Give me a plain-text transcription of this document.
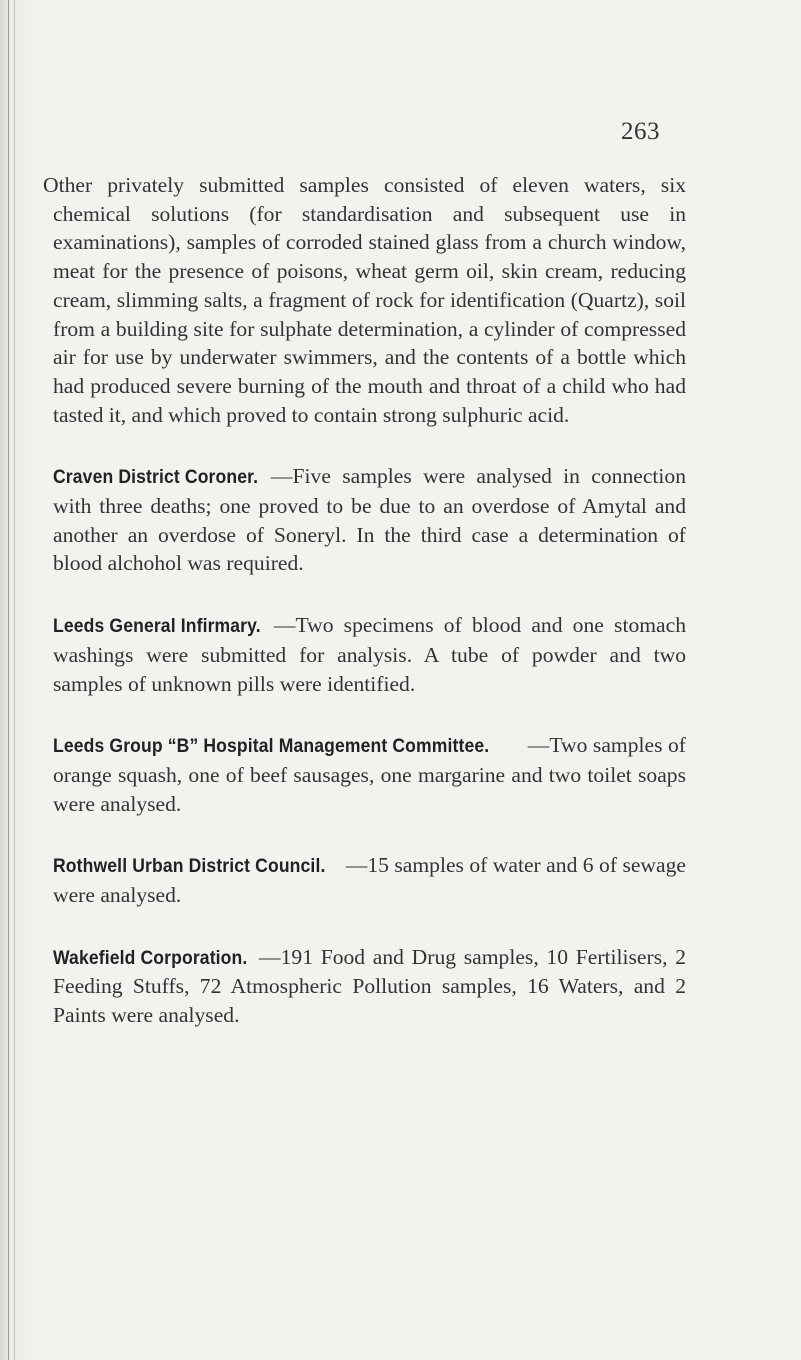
263

Other privately submitted samples consisted of eleven waters, six chemical solutions (for standardisation and subsequent use in examinations), samples of corroded stained glass from a church window, meat for the presence of poisons, wheat germ oil, skin cream, reducing cream, slimming salts, a fragment of rock for identification (Quartz), soil from a building site for sulphate determination, a cylinder of compressed air for use by underwater swimmers, and the contents of a bottle which had produced severe burning of the mouth and throat of a child who had tasted it, and which proved to contain strong sulphuric acid.

Craven District Coroner. —Five samples were analysed in connection with three deaths; one proved to be due to an overdose of Amytal and another an overdose of Soneryl. In the third case a determination of blood alchohol was required.

Leeds General Infirmary. —Two specimens of blood and one stomach washings were submitted for analysis. A tube of powder and two samples of unknown pills were identified.

Leeds Group “B” Hospital Management Committee. —Two samples of orange squash, one of beef sausages, one margarine and two toilet soaps were analysed.

Rothwell Urban District Council. —15 samples of water and 6 of sewage were analysed.

Wakefield Corporation. —191 Food and Drug samples, 10 Fertilisers, 2 Feeding Stuffs, 72 Atmospheric Pollution samples, 16 Waters, and 2 Paints were analysed.
